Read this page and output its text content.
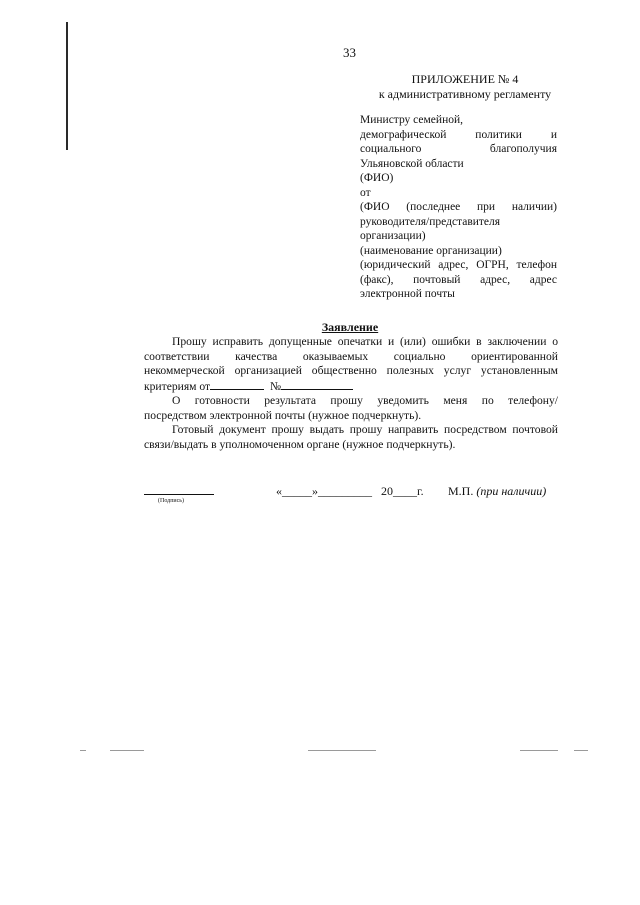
33
ПРИЛОЖЕНИЕ № 4
к административному регламенту
Министру семейной,
демографической политики и
социального благополучия
Ульяновской области
(ФИО)
от
(ФИО (последнее при наличии)
руководителя/представителя
организации)
(наименование организации)
(юридический адрес, ОГРН, телефон
(факс), почтовый адрес, адрес
электронной почты
Заявление
Прошу исправить допущенные опечатки и (или) ошибки в заключении о
соответствии качества оказываемых социально ориентированной
некоммерческой организацией общественно полезных услуг установленным
критериям от	№
О готовности результата прошу уведомить меня по телефону/
посредством электронной почты (нужное подчеркнуть).
Готовый документ прошу выдать прошу направить посредством почтовой
связи/выдать в уполномоченном органе (нужное подчеркнуть).
(Подпись)
«_____»_________   20____г. М.П. (при наличии)
